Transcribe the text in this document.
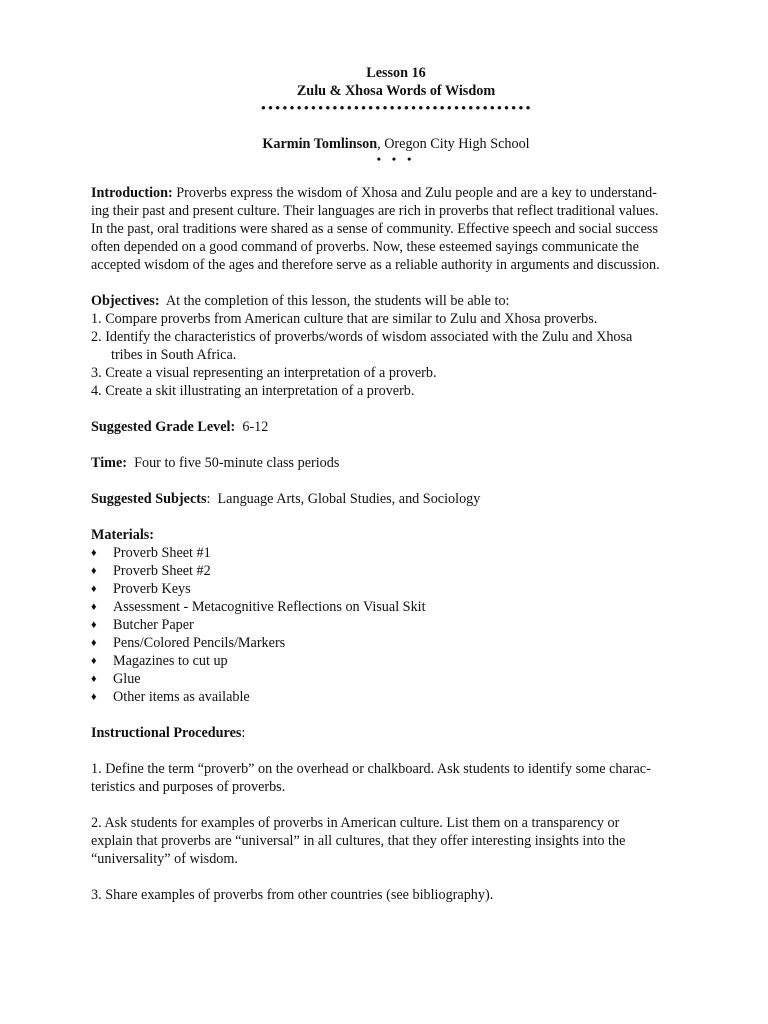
Lesson 16
Zulu & Xhosa Words of Wisdom
••••••••••••••••••••••••••••••••••••••
Karmin Tomlinson, Oregon City High School
• • •

Introduction: Proverbs express the wisdom of Xhosa and Zulu people and are a key to understand-

ing their past and present culture. Their languages are rich in proverbs that reflect traditional values.

In the past, oral traditions were shared as a sense of community. Effective speech and social success

often depended on a good command of proverbs. Now, these esteemed sayings communicate the

accepted wisdom of the ages and therefore serve as a reliable authority in arguments and discussion.

Objectives:  At the completion of this lesson, the students will be able to:

1. Compare proverbs from American culture that are similar to Zulu and Xhosa proverbs.

2. Identify the characteristics of proverbs/words of wisdom associated with the Zulu and Xhosa

tribes in South Africa.

3. Create a visual representing an interpretation of a proverb.

4. Create a skit illustrating an interpretation of a proverb.

Suggested Grade Level:  6-12

Time:  Four to five 50-minute class periods

Suggested Subjects:  Language Arts, Global Studies, and Sociology

Materials:

♦	Proverb Sheet #1
♦	Proverb Sheet #2
♦	Proverb Keys
♦	Assessment - Metacognitive Reflections on Visual Skit
♦	Butcher Paper
♦	Pens/Colored Pencils/Markers
♦	Magazines to cut up
♦	Glue
♦	Other items as available

Instructional Procedures:

1. Define the term “proverb” on the overhead or chalkboard. Ask students to identify some charac-

teristics and purposes of proverbs.

2. Ask students for examples of proverbs in American culture. List them on a transparency or

explain that proverbs are “universal” in all cultures, that they offer interesting insights into the

“universality” of wisdom.

3. Share examples of proverbs from other countries (see bibliography).
